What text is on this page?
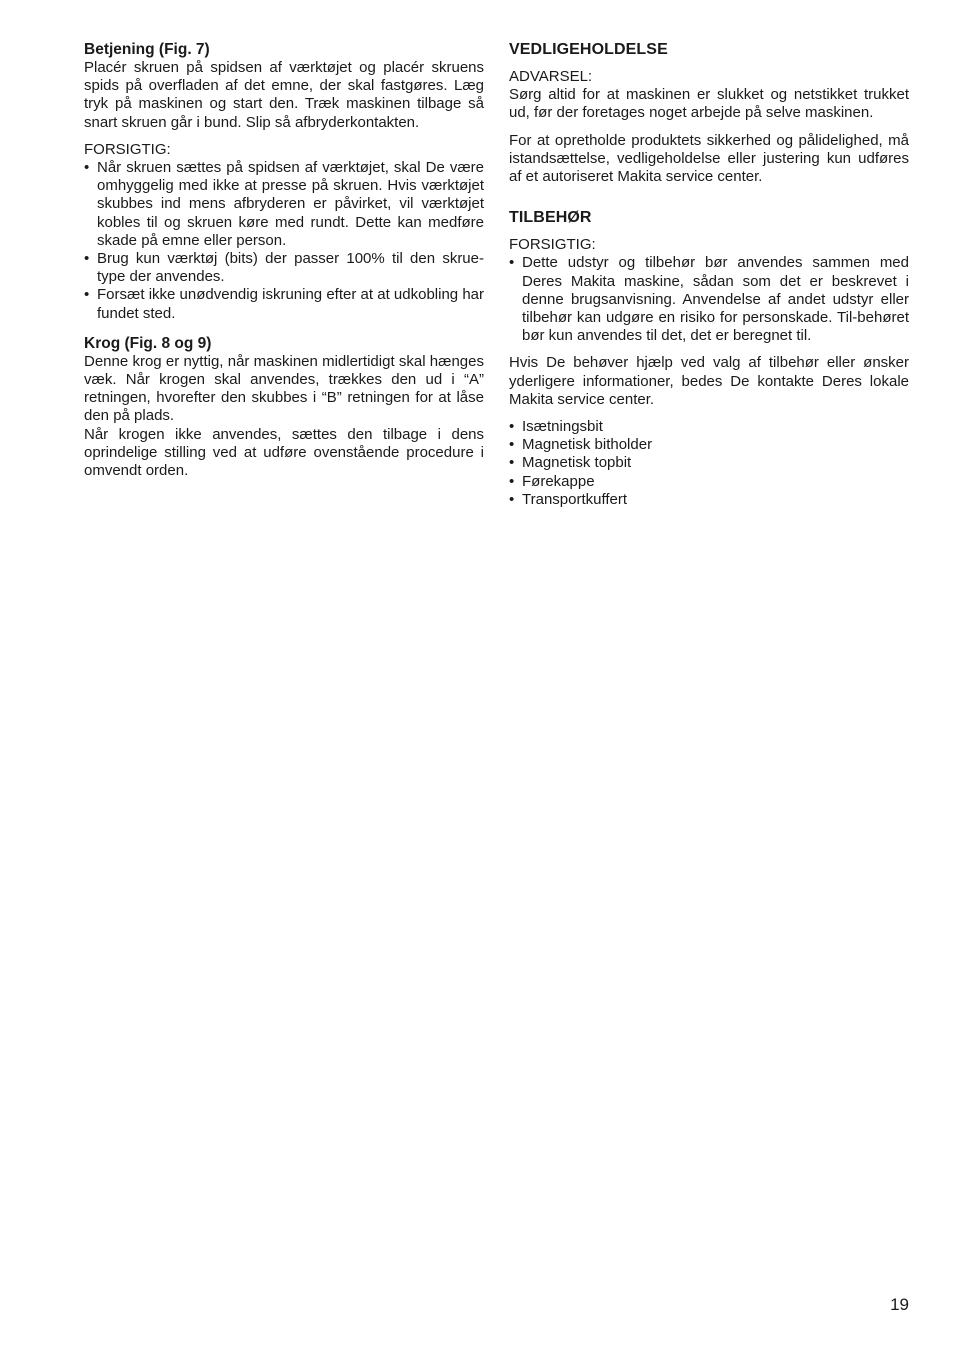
Betjening (Fig. 7)

Placér skruen på spidsen af værktøjet og placér skruens spids på overfladen af det emne, der skal fastgøres. Læg tryk på maskinen og start den. Træk maskinen tilbage så snart skruen går i bund. Slip så afbryderkontakten.

FORSIGTIG:
• Når skruen sættes på spidsen af værktøjet, skal De være omhyggelig med ikke at presse på skruen. Hvis værktøjet skubbes ind mens afbryderen er påvirket, vil værktøjet kobles til og skruen køre med rundt. Dette kan medføre skade på emne eller person.
• Brug kun værktøj (bits) der passer 100% til den skrue-type der anvendes.
• Forsæt ikke unødvendig iskruning efter at at udkobling har fundet sted.
Krog (Fig. 8 og 9)

Denne krog er nyttig, når maskinen midlertidigt skal hænges væk. Når krogen skal anvendes, trækkes den ud i “A” retningen, hvorefter den skubbes i “B” retningen for at låse den på plads.

Når krogen ikke anvendes, sættes den tilbage i dens oprindelige stilling ved at udføre ovenstående procedure i omvendt orden.

VEDLIGEHOLDELSE
ADVARSEL:

Sørg altid for at maskinen er slukket og netstikket trukket ud, før der foretages noget arbejde på selve maskinen.

For at opretholde produktets sikkerhed og pålidelighed, må istandsættelse, vedligeholdelse eller justering kun udføres af et autoriseret Makita service center.

TILBEHØR
FORSIGTIG:
• Dette udstyr og tilbehør bør anvendes sammen med Deres Makita maskine, sådan som det er beskrevet i denne brugsanvisning. Anvendelse af andet udstyr eller tilbehør kan udgøre en risiko for personskade. Til-behøret bør kun anvendes til det, det er beregnet til.

Hvis De behøver hjælp ved valg af tilbehør eller ønsker yderligere informationer, bedes De kontakte Deres lokale Makita service center.

• Isætningsbit
• Magnetisk bitholder
• Magnetisk topbit
• Førekappe
• Transportkuffert
19
